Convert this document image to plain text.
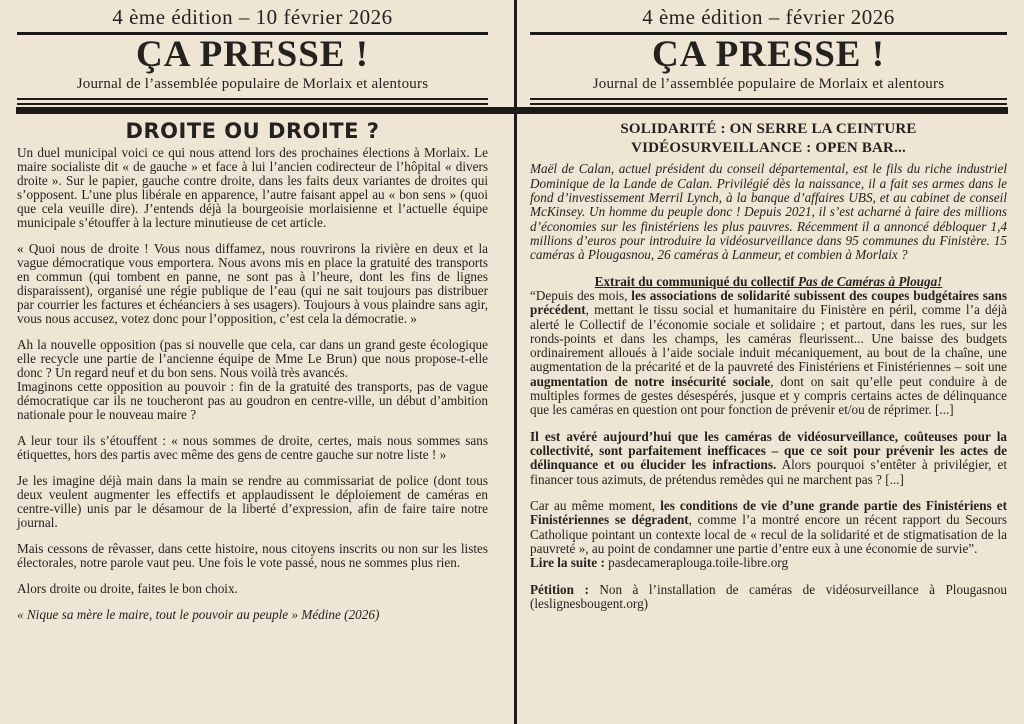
4 ème édition – 10 février 2026
ÇA PRESSE !
Journal de l’assemblée populaire de Morlaix et alentours
DROITE OU DROITE ?

Un duel municipal voici ce qui nous attend lors des prochaines élections à Morlaix. Le maire socialiste dit « de gauche » et face à lui l’ancien codirecteur de l’hôpital « divers droite ». Sur le papier, gauche contre droite, dans les faits deux variantes de droites qui s’opposent. L’une plus libérale en apparence, l’autre faisant appel au « bon sens » (quoi que cela veuille dire). J’entends déjà la bourgeoisie morlaisienne et l’actuelle équipe municipale s’étouffer à la lecture minutieuse de cet article.

« Quoi nous de droite ! Vous nous diffamez, nous rouvrirons la rivière en deux et la vague démocratique vous emportera. Nous avons mis en place la gratuité des transports en commun (qui tombent en panne, ne sont pas à l’heure, dont les fins de lignes disparaissent), organisé une régie publique de l’eau (qui ne sait toujours pas distribuer par courrier les factures et échéanciers à ses usagers). Toujours à vous plaindre sans agir, vous nous accusez, votez donc pour l’opposition, c’est cela la démocratie. »

Ah la nouvelle opposition (pas si nouvelle que cela, car dans un grand geste écologique elle recycle une partie de l’ancienne équipe de Mme Le Brun) que nous propose-t-elle donc ? Un regard neuf et du bon sens. Nous voilà très avancés.

Imaginons cette opposition au pouvoir : fin de la gratuité des transports, pas de vague démocratique car ils ne toucheront pas au goudron en centre-ville, un début d’ambition nationale pour le nouveau maire ?

A leur tour ils s’étouffent : « nous sommes de droite, certes, mais nous sommes sans étiquettes, hors des partis avec même des gens de centre gauche sur notre liste ! »

Je les imagine déjà main dans la main se rendre au commissariat de police (dont tous deux veulent augmenter les effectifs et applaudissent le déploiement de caméras en centre-ville) unis par le désamour de la liberté d’expression, afin de faire taire notre journal.

Mais cessons de rêvasser, dans cette histoire, nous citoyens inscrits ou non sur les listes électorales, notre parole vaut peu. Une fois le vote passé, nous ne sommes plus rien.

Alors droite ou droite, faites le bon choix.

« Nique sa mère le maire, tout le pouvoir au peuple » Médine (2026)

4 ème édition – février 2026
ÇA PRESSE !
Journal de l’assemblée populaire de Morlaix et alentours
SOLIDARITÉ : ON SERRE LA CEINTURE
VIDÉOSURVEILLANCE : OPEN BAR...

Maël de Calan, actuel président du conseil départemental, est le fils du riche industriel Dominique de la Lande de Calan. Privilégié dès la naissance, il a fait ses armes dans le fond d’investissement Merril Lynch, à la banque d’affaires UBS, et au cabinet de conseil McKinsey. Un homme du peuple donc ! Depuis 2021, il s’est acharné à faire des millions d’économies sur les finistériens les plus pauvres. Récemment il a annoncé débloquer 1,4 millions d’euros pour introduire la vidéosurveillance dans 95 communes du Finistère. 15 caméras à Plougasnou, 26 caméras à Lanmeur, et combien à Morlaix ?

Extrait du communiqué du collectif Pas de Caméras à Plouga!

“Depuis des mois, les associations de solidarité subissent des coupes budgétaires sans précédent, mettant le tissu social et humanitaire du Finistère en péril, comme l’a déjà alerté le Collectif de l’économie sociale et solidaire ; et partout, dans les rues, sur les ronds-points et dans les champs, les caméras fleurissent... Une baisse des budgets ordinairement alloués à l’aide sociale induit mécaniquement, au bout de la chaîne, une augmentation de la précarité et de la pauvreté des Finistériens et Finistériennes – soit une augmentation de notre insécurité sociale, dont on sait qu’elle peut conduire à de multiples formes de gestes désespérés, jusque et y compris certains actes de délinquance que les caméras en question ont pour fonction de prévenir et/ou de réprimer. [...]

Il est avéré aujourd’hui que les caméras de vidéosurveillance, coûteuses pour la collectivité, sont parfaitement inefficaces – que ce soit pour prévenir les actes de délinquance et ou élucider les infractions. Alors pourquoi s’entêter à privilégier, et financer tous azimuts, de prétendus remèdes qui ne marchent pas ? [...]

Car au même moment, les conditions de vie d’une grande partie des Finistériens et Finistériennes se dégradent, comme l’a montré encore un récent rapport du Secours Catholique pointant un contexte local de « recul de la solidarité et de stigmatisation de la pauvreté », au point de condamner une partie d’entre eux à une économie de survie”.

Lire la suite : pasdecameraplouga.toile-libre.org

Pétition : Non à l’installation de caméras de vidéosurveillance à Plougasnou (leslignesbougent.org)
